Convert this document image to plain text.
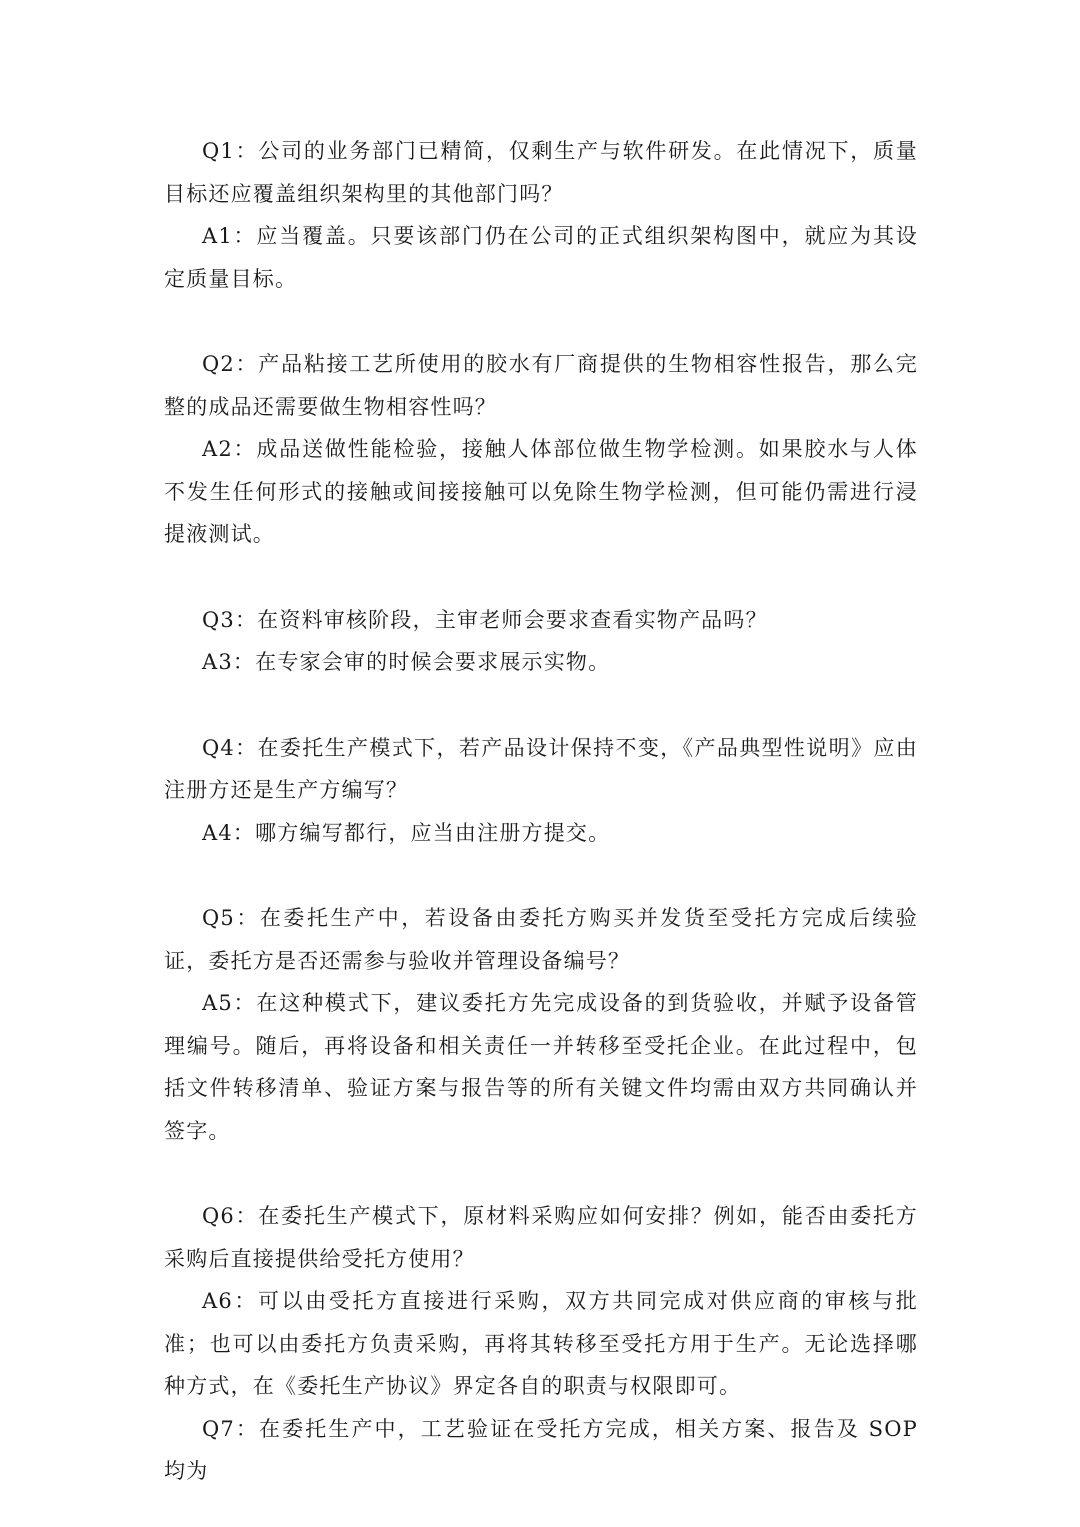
Q1：公司的业务部门已精简，仅剩生产与软件研发。在此情况下，质量目标还应覆盖组织架构里的其他部门吗？

A1：应当覆盖。只要该部门仍在公司的正式组织架构图中，就应为其设定质量目标。

Q2：产品粘接工艺所使用的胶水有厂商提供的生物相容性报告，那么完整的成品还需要做生物相容性吗？

A2：成品送做性能检验，接触人体部位做生物学检测。如果胶水与人体不发生任何形式的接触或间接接触可以免除生物学检测，但可能仍需进行浸提液测试。

Q3：在资料审核阶段，主审老师会要求查看实物产品吗？

A3：在专家会审的时候会要求展示实物。

Q4：在委托生产模式下，若产品设计保持不变，《产品典型性说明》应由注册方还是生产方编写？

A4：哪方编写都行，应当由注册方提交。

Q5：在委托生产中，若设备由委托方购买并发货至受托方完成后续验证，委托方是否还需参与验收并管理设备编号？

A5：在这种模式下，建议委托方先完成设备的到货验收，并赋予设备管理编号。随后，再将设备和相关责任一并转移至受托企业。在此过程中，包括文件转移清单、验证方案与报告等的所有关键文件均需由双方共同确认并签字。

Q6：在委托生产模式下，原材料采购应如何安排？例如，能否由委托方采购后直接提供给受托方使用？

A6：可以由受托方直接进行采购，双方共同完成对供应商的审核与批准；也可以由委托方负责采购，再将其转移至受托方用于生产。无论选择哪种方式，在《委托生产协议》界定各自的职责与权限即可。

Q7：在委托生产中，工艺验证在受托方完成，相关方案、报告及 SOP 均为
